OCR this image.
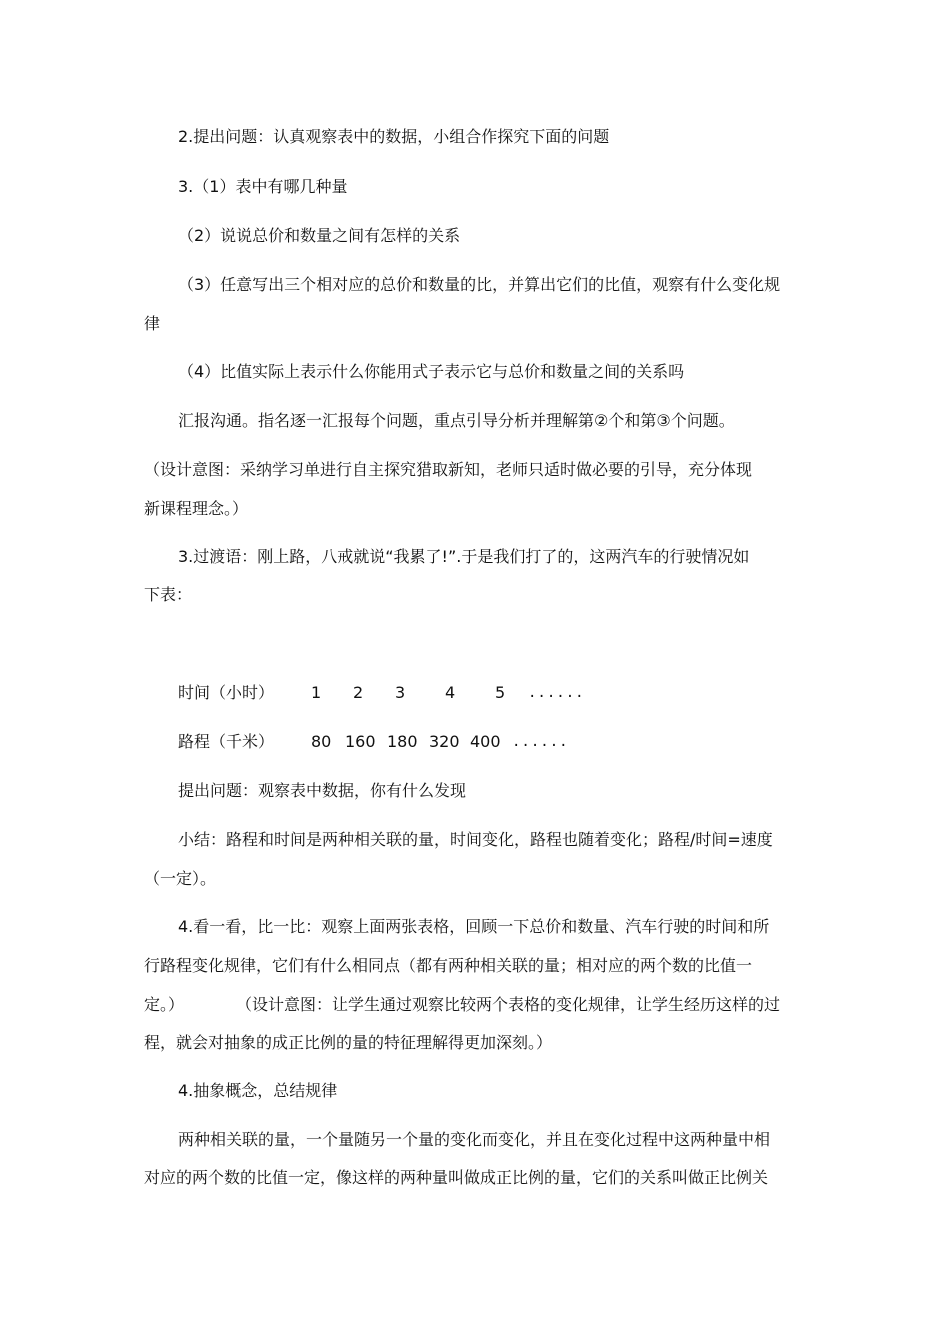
2.提出问题：认真观察表中的数据，小组合作探究下面的问题
3.（1）表中有哪几种量
（2）说说总价和数量之间有怎样的关系
（3）任意写出三个相对应的总价和数量的比，并算出它们的比值，观察有什么变化规
律
（4）比值实际上表示什么你能用式子表示它与总价和数量之间的关系吗
汇报沟通。指名逐一汇报每个问题，重点引导分析并理解第②个和第③个问题。
（设计意图：采纳学习单进行自主探究猎取新知，老师只适时做必要的引导，充分体现
新课程理念。）
3.过渡语：刚上路，八戒就说“我累了!”.于是我们打了的，这两汽车的行驶情况如
下表：
时间（小时） 1 2 3 4 5 ......
路程（千米） 80 160 180 320 400 ......
提出问题：观察表中数据，你有什么发现
小结：路程和时间是两种相关联的量，时间变化，路程也随着变化；路程/时间=速度
（一定）。
4.看一看，比一比：观察上面两张表格，回顾一下总价和数量、汽车行驶的时间和所
行路程变化规律，它们有什么相同点（都有两种相关联的量；相对应的两个数的比值一
定。）	（设计意图：让学生通过观察比较两个表格的变化规律，让学生经历这样的过
程，就会对抽象的成正比例的量的特征理解得更加深刻。）
4.抽象概念，总结规律
两种相关联的量，一个量随另一个量的变化而变化，并且在变化过程中这两种量中相
对应的两个数的比值一定，像这样的两种量叫做成正比例的量，它们的关系叫做正比例关
